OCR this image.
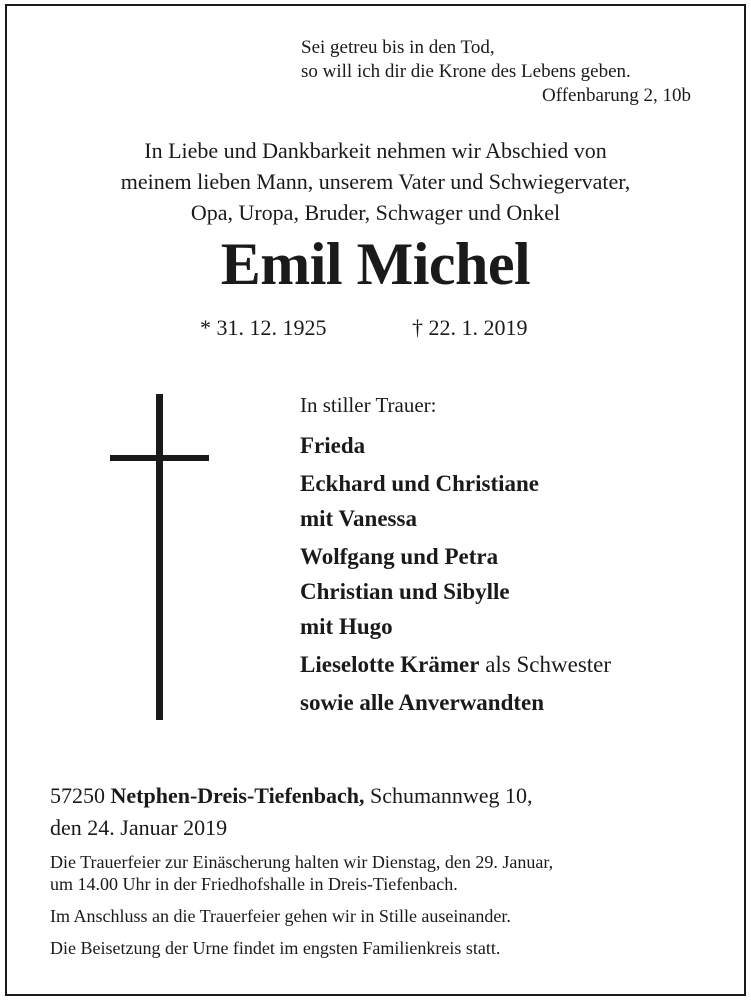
Sei getreu bis in den Tod,
so will ich dir die Krone des Lebens geben.
Offenbarung 2, 10b
In Liebe und Dankbarkeit nehmen wir Abschied von
meinem lieben Mann, unserem Vater und Schwiegervater,
Opa, Uropa, Bruder, Schwager und Onkel
Emil Michel
* 31. 12. 1925	† 22. 1. 2019
In stiller Trauer:
Frieda
Eckhard und Christiane
mit Vanessa
Wolfgang und Petra
Christian und Sibylle
mit Hugo
Lieselotte Krämer als Schwester
sowie alle Anverwandten
57250 Netphen-Dreis-Tiefenbach, Schumannweg 10,
den 24. Januar 2019

Die Trauerfeier zur Einäscherung halten wir Dienstag, den 29. Januar,
um 14.00 Uhr in der Friedhofshalle in Dreis-Tiefenbach.

Im Anschluss an die Trauerfeier gehen wir in Stille auseinander.

Die Beisetzung der Urne findet im engsten Familienkreis statt.
